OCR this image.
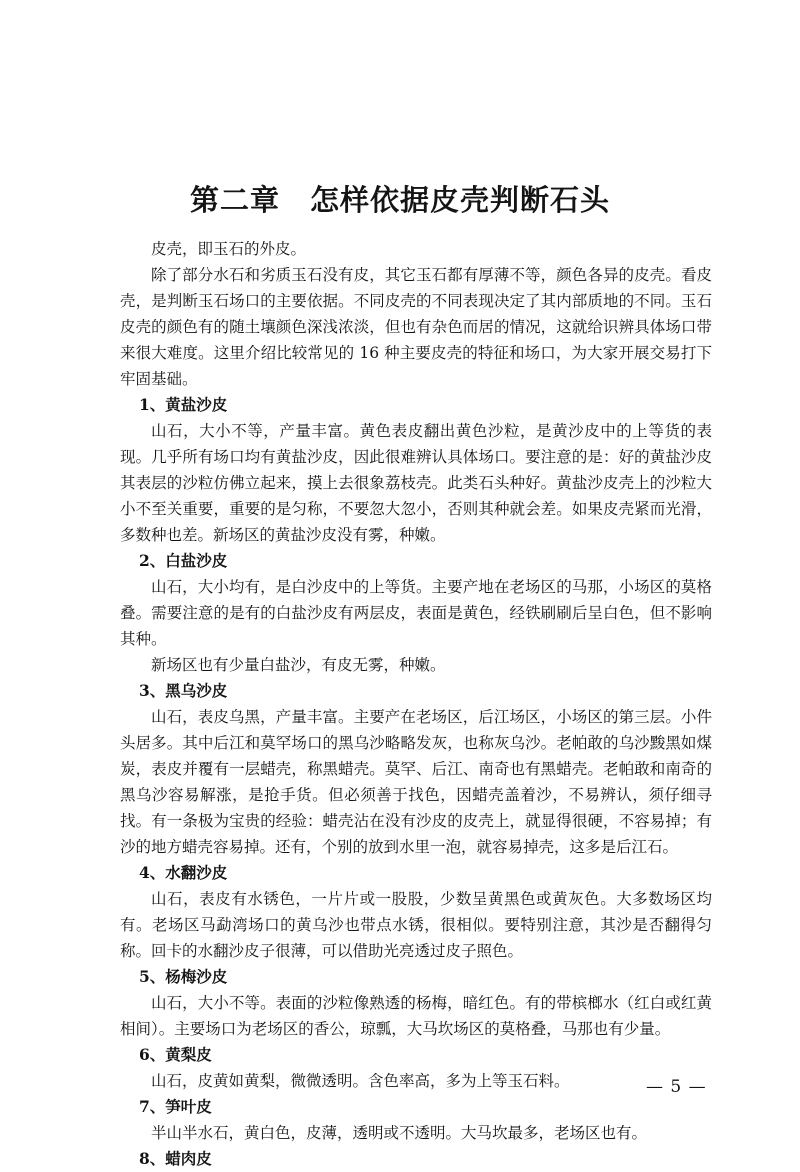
第二章　怎样依据皮壳判断石头

皮壳，即玉石的外皮。

除了部分水石和劣质玉石没有皮，其它玉石都有厚薄不等，颜色各异的皮壳。看皮壳，是判断玉石场口的主要依据。不同皮壳的不同表现决定了其内部质地的不同。玉石皮壳的颜色有的随土壤颜色深浅浓淡，但也有杂色而居的情况，这就给识辨具体场口带来很大难度。这里介绍比较常见的 16 种主要皮壳的特征和场口，为大家开展交易打下牢固基础。

1、黄盐沙皮

山石，大小不等，产量丰富。黄色表皮翻出黄色沙粒，是黄沙皮中的上等货的表现。几乎所有场口均有黄盐沙皮，因此很难辨认具体场口。要注意的是：好的黄盐沙皮其表层的沙粒仿佛立起来，摸上去很象荔枝壳。此类石头种好。黄盐沙皮壳上的沙粒大小不至关重要，重要的是匀称，不要忽大忽小，否则其种就会差。如果皮壳紧而光滑，多数种也差。新场区的黄盐沙皮没有雾，种嫩。

2、白盐沙皮

山石，大小均有，是白沙皮中的上等货。主要产地在老场区的马那，小场区的莫格叠。需要注意的是有的白盐沙皮有两层皮，表面是黄色，经铁刷刷后呈白色，但不影响其种。

新场区也有少量白盐沙，有皮无雾，种嫩。

3、黑乌沙皮

山石，表皮乌黑，产量丰富。主要产在老场区，后江场区，小场区的第三层。小件头居多。其中后江和莫罕场口的黑乌沙略略发灰，也称灰乌沙。老帕敢的乌沙黢黑如煤炭，表皮并覆有一层蜡壳，称黑蜡壳。莫罕、后江、南奇也有黑蜡壳。老帕敢和南奇的黑乌沙容易解涨，是抢手货。但必须善于找色，因蜡壳盖着沙，不易辨认，须仔细寻找。有一条极为宝贵的经验：蜡壳沾在没有沙皮的皮壳上，就显得很硬，不容易掉；有沙的地方蜡壳容易掉。还有，个别的放到水里一泡，就容易掉壳，这多是后江石。

4、水翻沙皮

山石，表皮有水锈色，一片片或一股股，少数呈黄黑色或黄灰色。大多数场区均有。老场区马勐湾场口的黄乌沙也带点水锈，很相似。要特别注意，其沙是否翻得匀称。回卡的水翻沙皮子很薄，可以借助光亮透过皮子照色。

5、杨梅沙皮

山石，大小不等。表面的沙粒像熟透的杨梅，暗红色。有的带槟榔水（红白或红黄相间）。主要场口为老场区的香公，琼瓢，大马坎场区的莫格叠，马那也有少量。

6、黄梨皮

山石，皮黄如黄梨，微微透明。含色率高，多为上等玉石料。

7、笋叶皮

半山半水石，黄白色，皮薄，透明或不透明。大马坎最多，老场区也有。

8、蜡肉皮

— 5 —
